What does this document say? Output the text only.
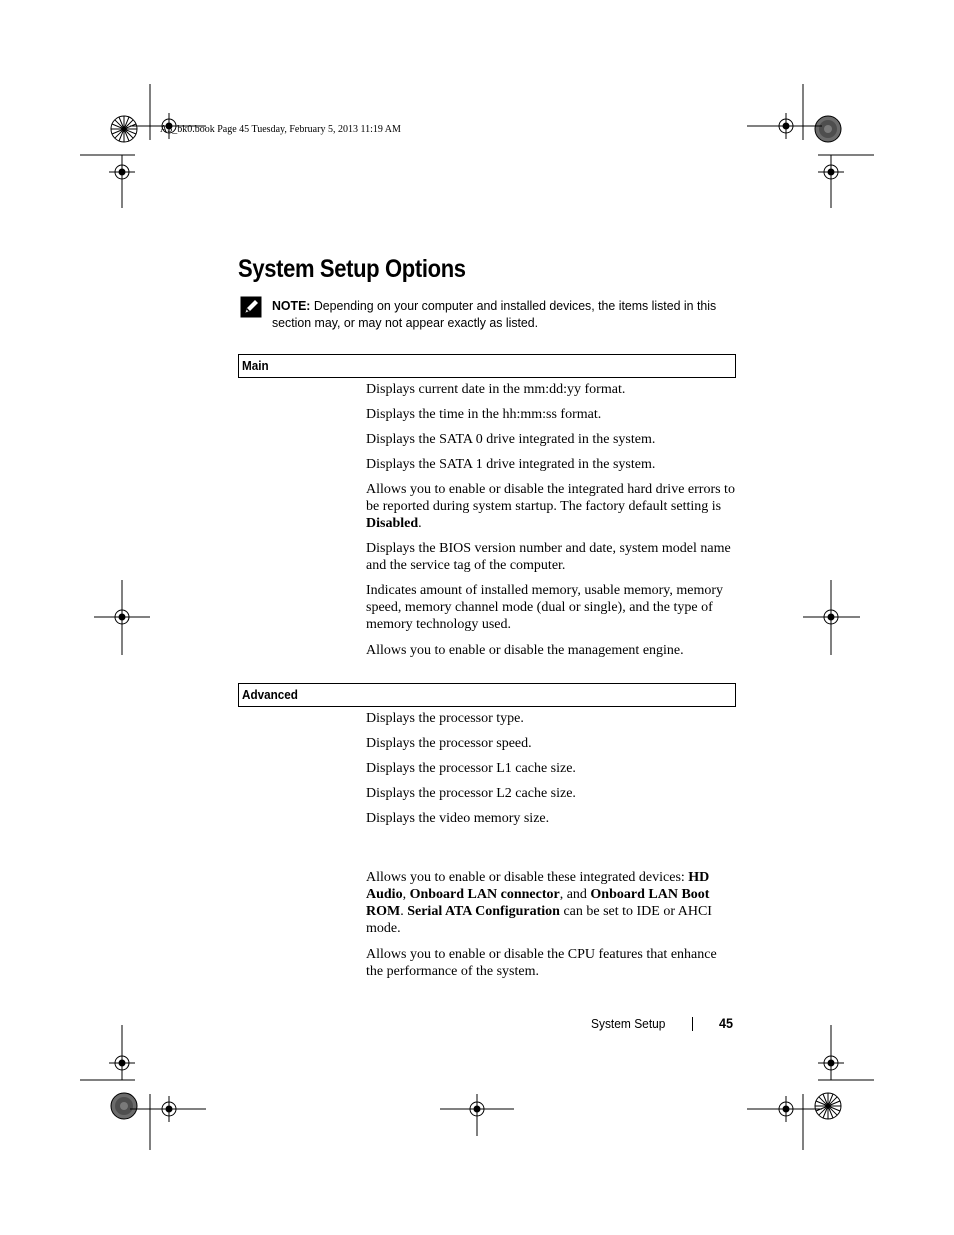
A5_bk0.book Page 45 Tuesday, February 5, 2013 11:19 AM
System Setup Options
NOTE: Depending on your computer and installed devices, the items listed in this section may, or may not appear exactly as listed.
Main
Displays current date in the mm:dd:yy format.
Displays the time in the hh:mm:ss format.
Displays the SATA 0 drive integrated in the system.
Displays the SATA 1 drive integrated in the system.
Allows you to enable or disable the integrated hard drive errors to be reported during system startup. The factory default setting is Disabled.
Displays the BIOS version number and date, system model name and the service tag of the computer.
Indicates amount of installed memory, usable memory, memory speed, memory channel mode (dual or single), and the type of memory technology used.
Allows you to enable or disable the management engine.
Advanced
Displays the processor type.
Displays the processor speed.
Displays the processor L1 cache size.
Displays the processor L2 cache size.
Displays the video memory size.
Allows you to enable or disable these integrated devices: HD Audio, Onboard LAN connector, and Onboard LAN Boot ROM. Serial ATA Configuration can be set to IDE or AHCI mode.
Allows you to enable or disable the CPU features that enhance the performance of the system.
System Setup	45
